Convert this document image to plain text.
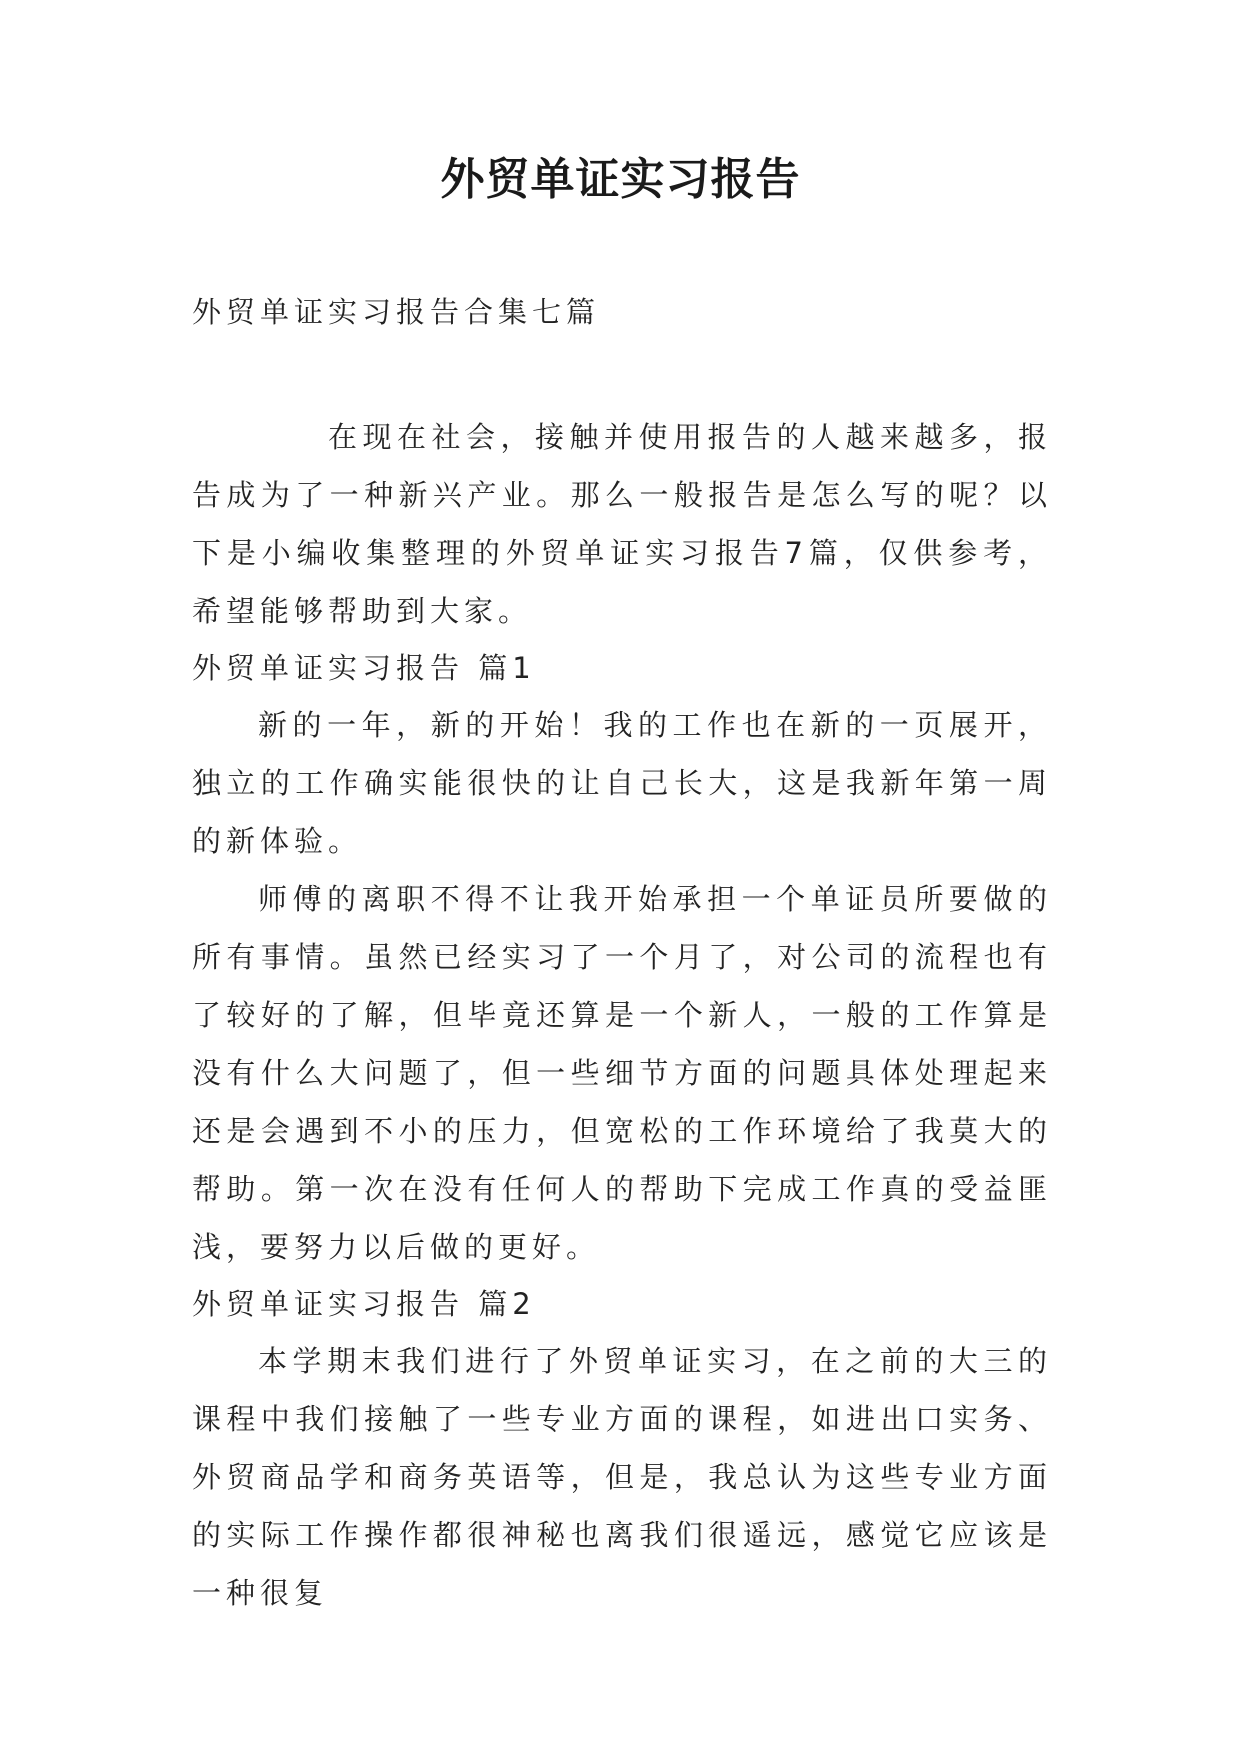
外贸单证实习报告
外贸单证实习报告合集七篇

在现在社会，接触并使用报告的人越来越多，报告成为了一种新兴产业。那么一般报告是怎么写的呢？以下是小编收集整理的外贸单证实习报告7篇，仅供参考，希望能够帮助到大家。

外贸单证实习报告 篇1

新的一年，新的开始！我的工作也在新的一页展开，独立的工作确实能很快的让自己长大，这是我新年第一周的新体验。

师傅的离职不得不让我开始承担一个单证员所要做的所有事情。虽然已经实习了一个月了，对公司的流程也有了较好的了解，但毕竟还算是一个新人，一般的工作算是没有什么大问题了，但一些细节方面的问题具体处理起来还是会遇到不小的压力，但宽松的工作环境给了我莫大的帮助。第一次在没有任何人的帮助下完成工作真的受益匪浅，要努力以后做的更好。

外贸单证实习报告 篇2

本学期末我们进行了外贸单证实习，在之前的大三的课程中我们接触了一些专业方面的课程，如进出口实务、外贸商品学和商务英语等，但是，我总认为这些专业方面的实际工作操作都很神秘也离我们很遥远，感觉它应该是一种很复
